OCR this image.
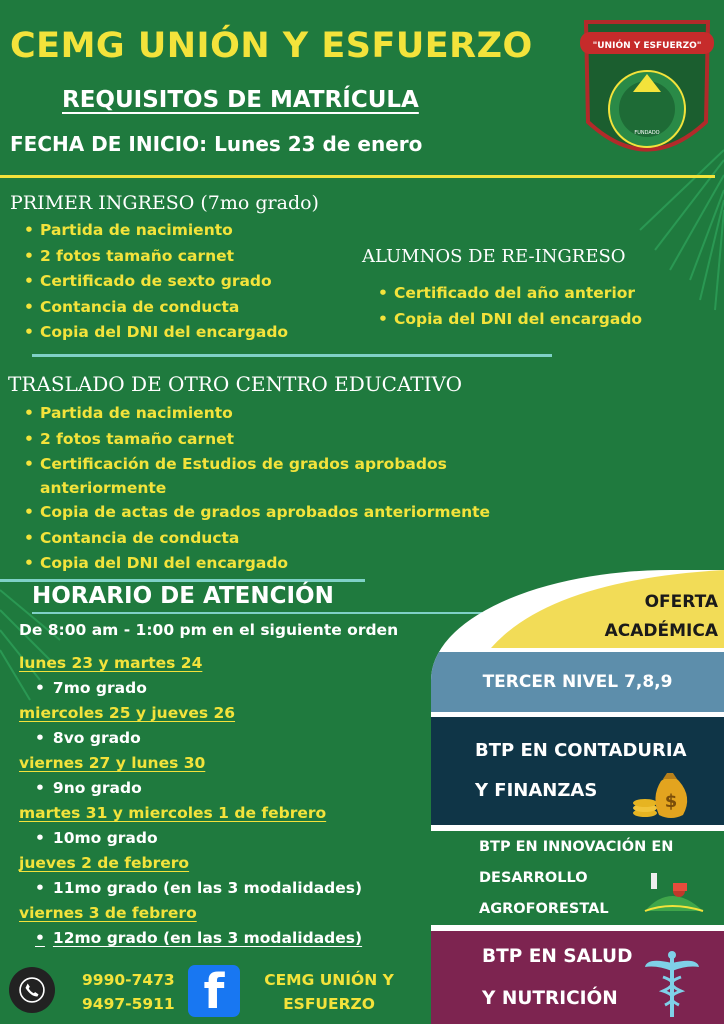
"UNIÓN Y ESFUERZO"
FUNDADO
CEMG UNIÓN Y ESFUERZO
REQUISITOS DE MATRÍCULA
FECHA DE INICIO: Lunes 23 de enero
PRIMER INGRESO (7mo grado)
• Partida de nacimiento
• 2 fotos tamaño carnet
• Certificado de sexto grado
• Contancia de conducta
• Copia del DNI del encargado
ALUMNOS DE RE-INGRESO
• Certificado del año anterior
• Copia del DNI del encargado
TRASLADO DE OTRO CENTRO EDUCATIVO
• Partida de nacimiento
• 2 fotos tamaño carnet
• Certificación de Estudios de grados aprobados anteriormente
• Copia de actas de grados aprobados anteriormente
• Contancia de conducta
• Copia del DNI del encargado
HORARIO DE ATENCIÓN
De 8:00 am - 1:00 pm en el siguiente orden
lunes 23 y martes 24
• 7mo grado
miercoles 25 y jueves 26
• 8vo grado
viernes 27 y lunes 30
• 9no grado
martes 31 y miercoles 1 de febrero
• 10mo grado
jueves 2 de febrero
• 11mo grado (en las 3 modalidades)
viernes 3 de febrero
• 12mo grado (en las 3 modalidades)
9990-7473
9497-5911 f	CEMG UNIÓN Y
ESFUERZO
OFERTA
ACADÉMICA
TERCER NIVEL 7,8,9
BTP EN CONTADURIA
Y FINANZAS
$
BTP EN INNOVACIÓN EN
DESARROLLO
AGROFORESTAL
BTP EN SALUD
Y NUTRICIÓN
